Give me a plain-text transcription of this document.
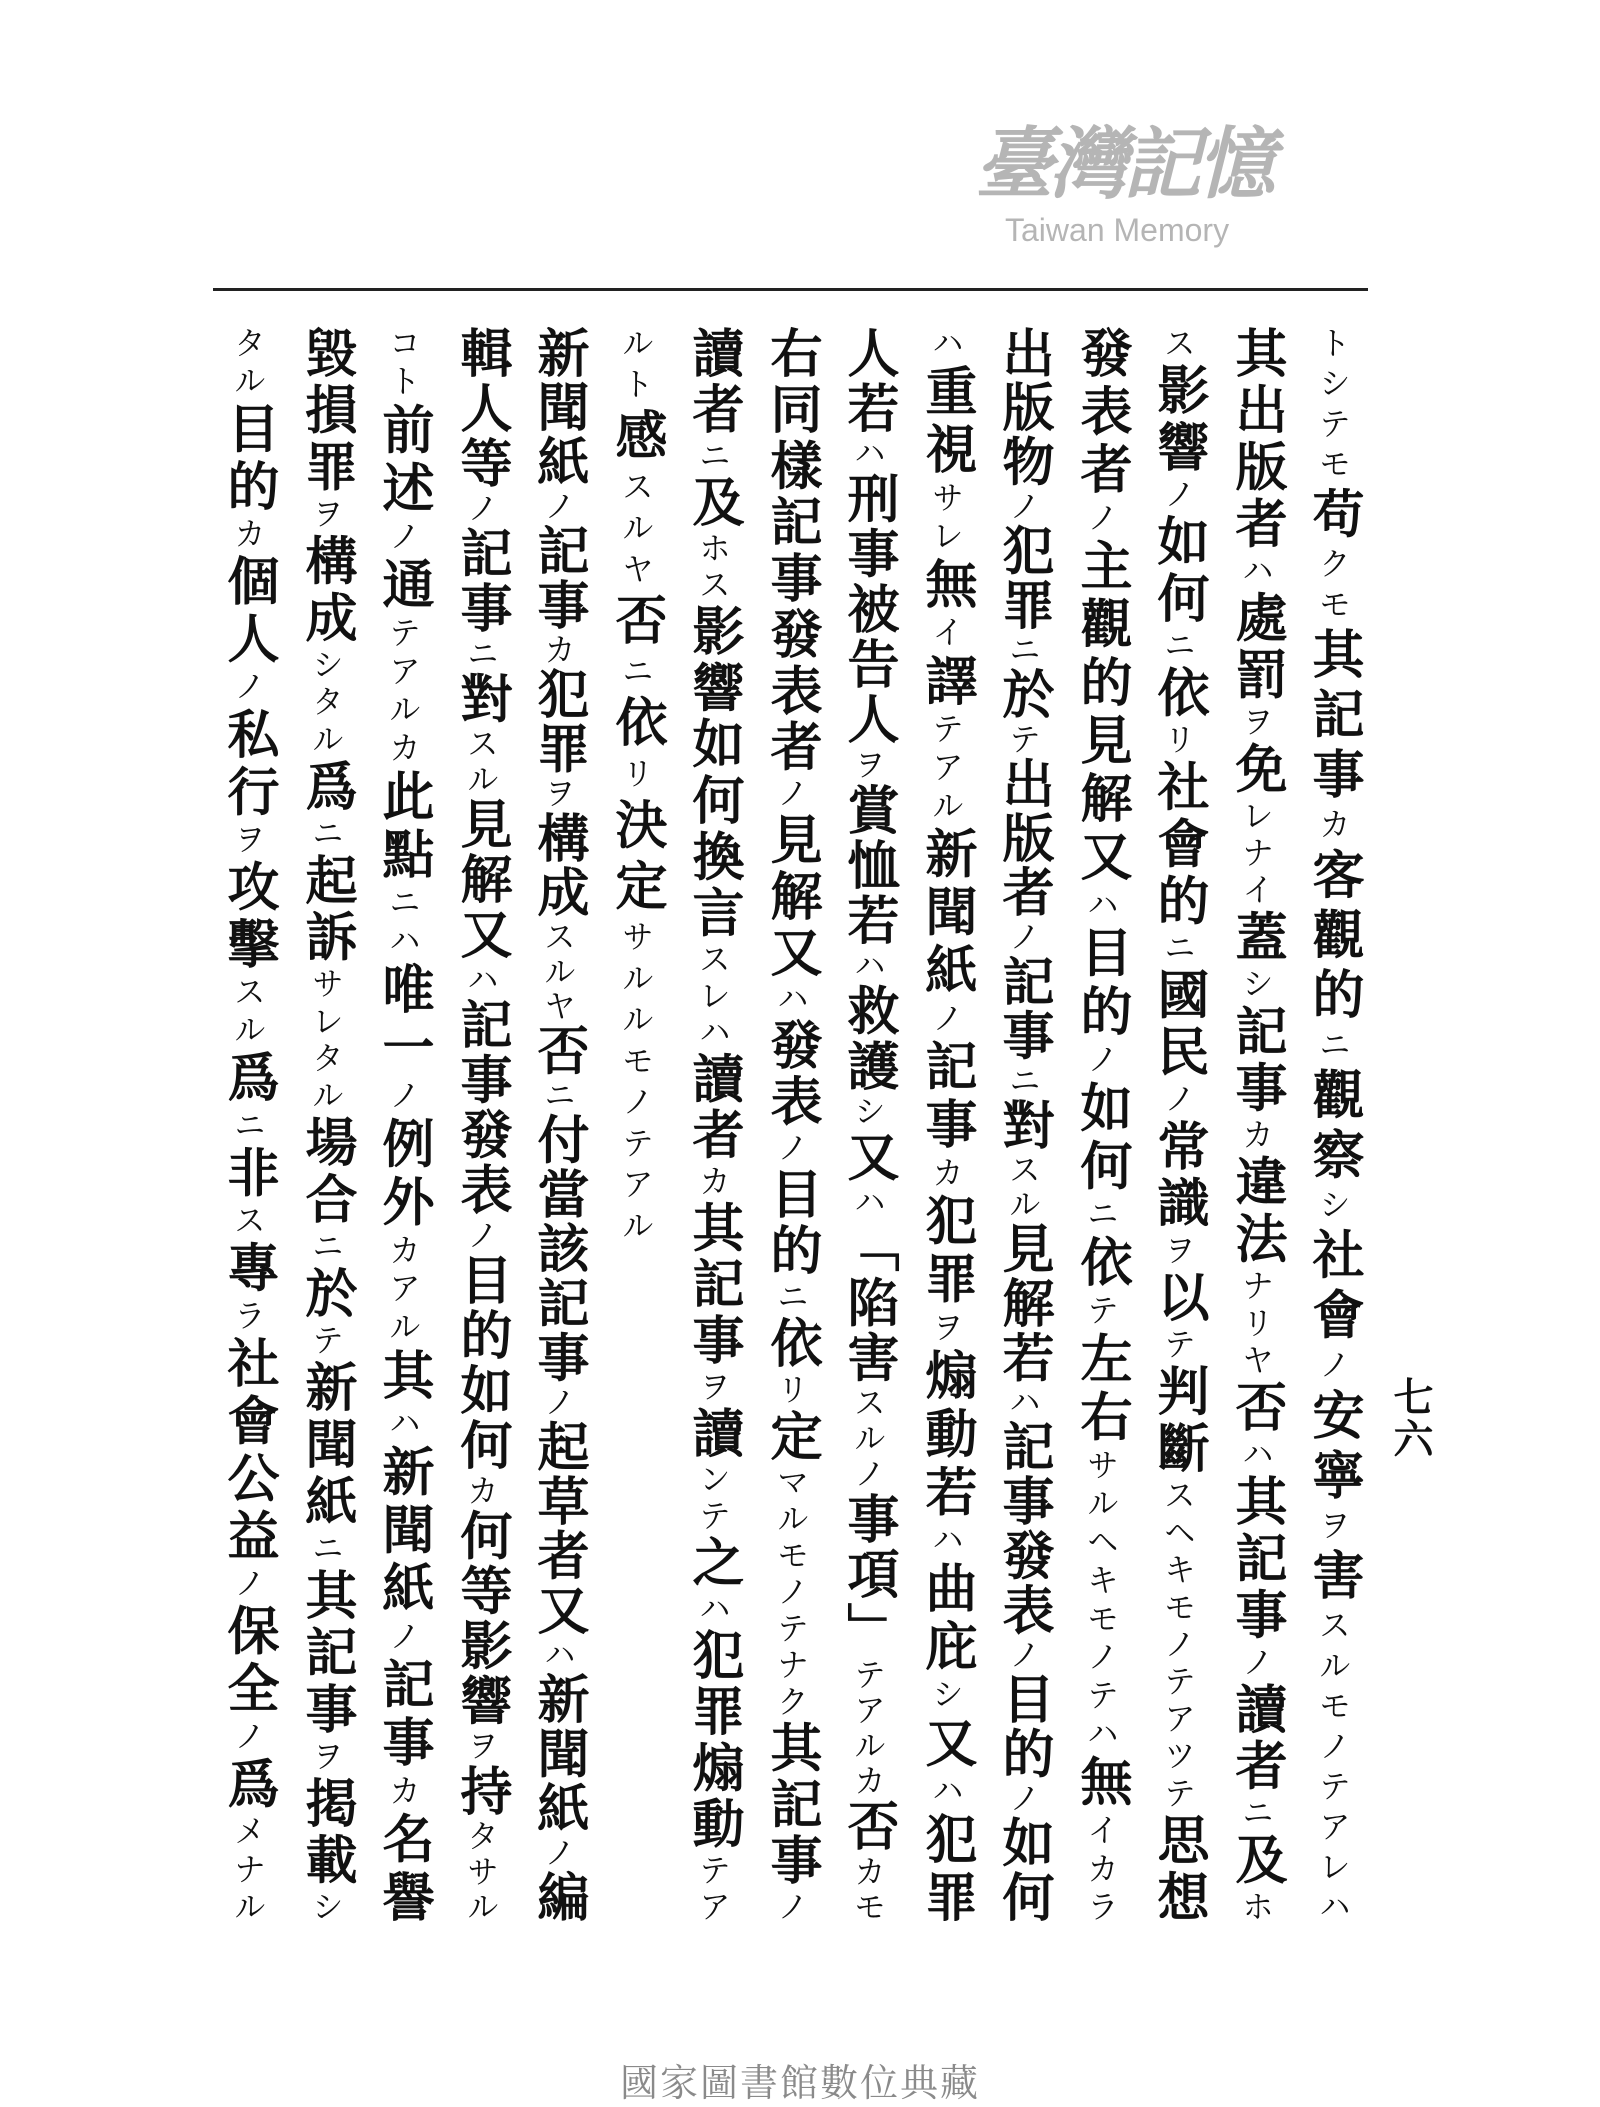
七六
トシテモ苟クモ其記事カ客觀的ニ觀察シ社會ノ安寧ヲ害スルモノテアレハ
其出版者ハ處罰ヲ免レナイ蓋シ記事カ違法ナリヤ否ハ其記事ノ讀者ニ及ホ
ス影響ノ如何ニ依リ社會的ニ國民ノ常識ヲ以テ判斷スヘキモノテアツテ思想
發表者ノ主觀的見解又ハ目的ノ如何ニ依テ左右サルヘキモノテハ無イカラ
出版物ノ犯罪ニ於テ出版者ノ記事ニ對スル見解若ハ記事發表ノ目的ノ如何
ハ重視サレ無イ譯テアル新聞紙ノ記事カ犯罪ヲ煽動若ハ曲庇シ又ハ犯罪
人若ハ刑事被告人ヲ賞恤若ハ救護シ又ハ「陷害スルノ事項」テアルカ否カモ
右同樣記事發表者ノ見解又ハ發表ノ目的ニ依リ定マルモノテナク其記事ノ
讀者ニ及ホス影響如何換言スレハ讀者カ其記事ヲ讀ンテ之ハ犯罪煽動テア
ルト感スルヤ否ニ依リ決定サルルモノテアル
新聞紙ノ記事カ犯罪ヲ構成スルヤ否ニ付當該記事ノ起草者又ハ新聞紙ノ編
輯人等ノ記事ニ對スル見解又ハ記事發表ノ目的如何カ何等影響ヲ持タサル
コト前述ノ通テアルカ此點ニハ唯一ノ例外カアル其ハ新聞紙ノ記事カ名譽
毀損罪ヲ構成シタル爲ニ起訴サレタル場合ニ於テ新聞紙ニ其記事ヲ掲載シ
タル目的カ個人ノ私行ヲ攻擊スル爲ニ非ス專ラ社會公益ノ保全ノ爲メナル
臺灣記憶
Taiwan Memory
國家圖書館數位典藏
